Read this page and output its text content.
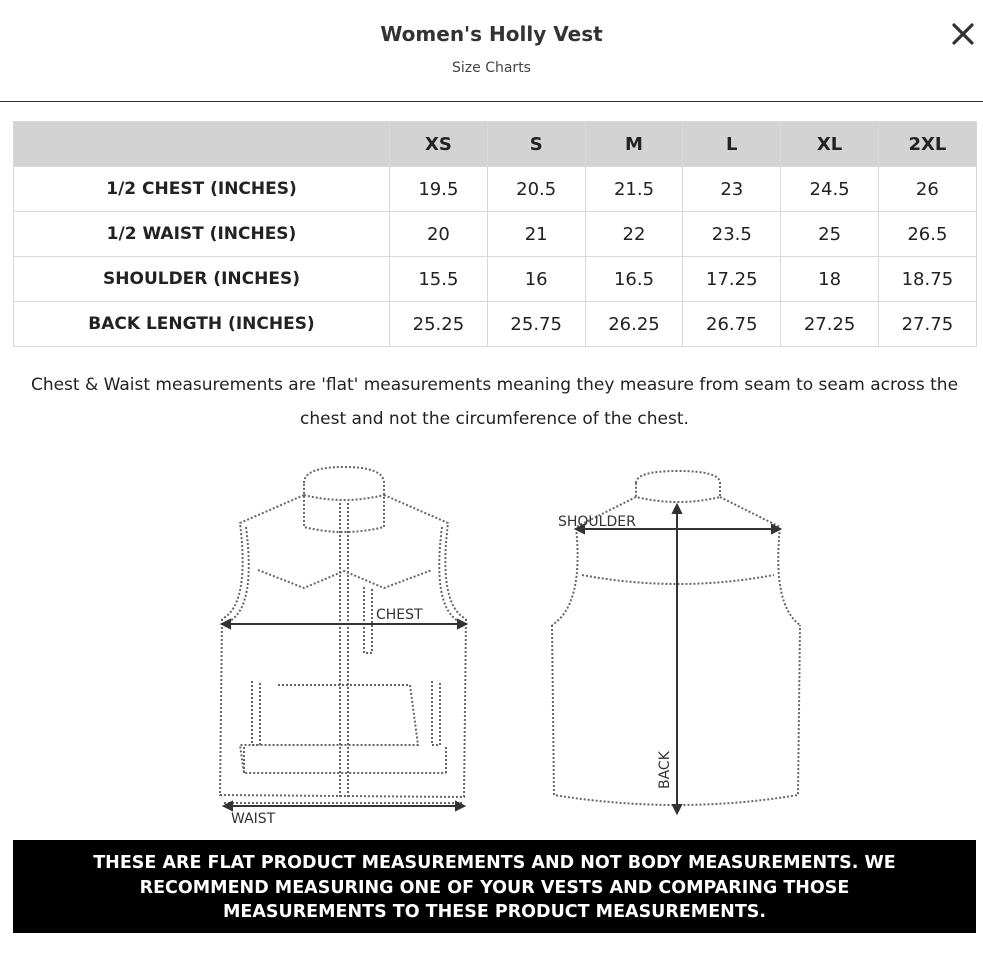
Women's Holly Vest
Size Charts
	XS	S	M	L	XL	2XL
1/2 CHEST (INCHES)	19.5	20.5	21.5	23	24.5	26
1/2 WAIST (INCHES)	20	21	22	23.5	25	26.5
SHOULDER (INCHES)	15.5	16	16.5	17.25	18	18.75
BACK LENGTH (INCHES)	25.25	25.75	26.25	26.75	27.25	27.75
Chest & Waist measurements are 'flat' measurements meaning they measure from seam to seam across the chest and not the circumference of the chest.
CHEST
WAIST
SHOULDER
BACK
THESE ARE FLAT PRODUCT MEASUREMENTS AND NOT BODY MEASUREMENTS. WE
RECOMMEND MEASURING ONE OF YOUR VESTS AND COMPARING THOSE
MEASUREMENTS TO THESE PRODUCT MEASUREMENTS.
